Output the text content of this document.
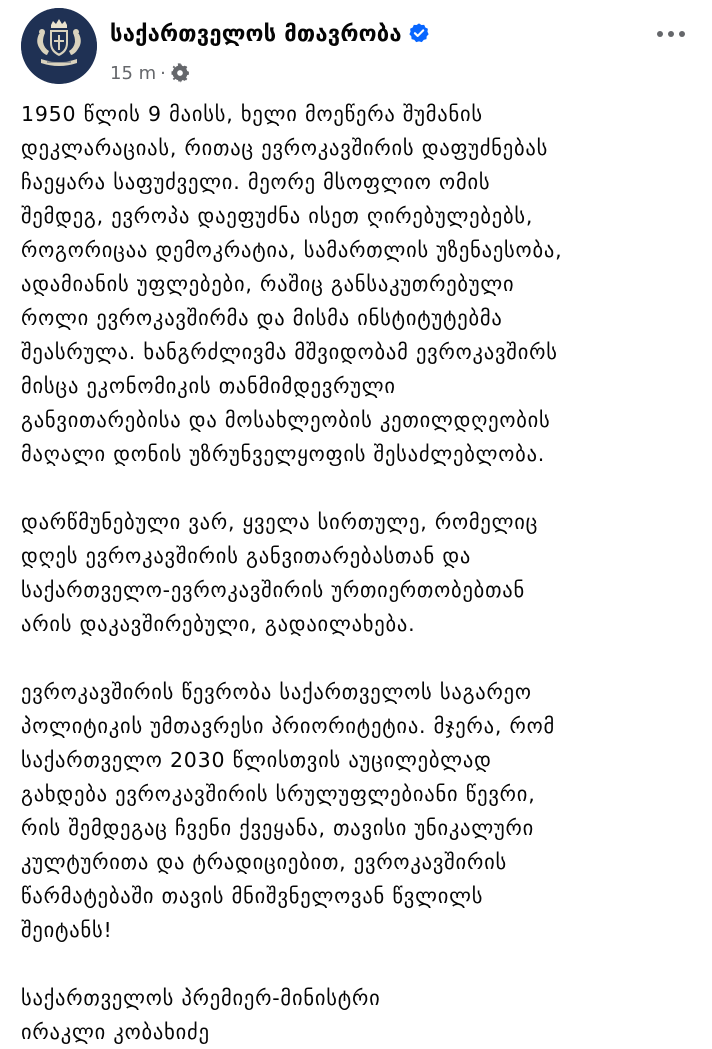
საქართველოს მთავრობა
15 m ·

1950 წლის 9 მაისს, ხელი მოეწერა შუმანის
დეკლარაციას, რითაც ევროკავშირის დაფუძნებას
ჩაეყარა საფუძველი. მეორე მსოფლიო ომის
შემდეგ, ევროპა დაეფუძნა ისეთ ღირებულებებს,
როგორიცაა დემოკრატია, სამართლის უზენაესობა,
ადამიანის უფლებები, რაშიც განსაკუთრებული
როლი ევროკავშირმა და მისმა ინსტიტუტებმა
შეასრულა. ხანგრძლივმა მშვიდობამ ევროკავშირს
მისცა ეკონომიკის თანმიმდევრული
განვითარებისა და მოსახლეობის კეთილდღეობის
მაღალი დონის უზრუნველყოფის შესაძლებლობა.

დარწმუნებული ვარ, ყველა სირთულე, რომელიც
დღეს ევროკავშირის განვითარებასთან და
საქართველო-ევროკავშირის ურთიერთობებთან
არის დაკავშირებული, გადაილახება.

ევროკავშირის წევრობა საქართველოს საგარეო
პოლიტიკის უმთავრესი პრიორიტეტია. მჯერა, რომ
საქართველო 2030 წლისთვის აუცილებლად
გახდება ევროკავშირის სრულუფლებიანი წევრი,
რის შემდეგაც ჩვენი ქვეყანა, თავისი უნიკალური
კულტურითა და ტრადიციებით, ევროკავშირის
წარმატებაში თავის მნიშვნელოვან წვლილს
შეიტანს!

საქართველოს პრემიერ-მინისტრი
ირაკლი კობახიძე
